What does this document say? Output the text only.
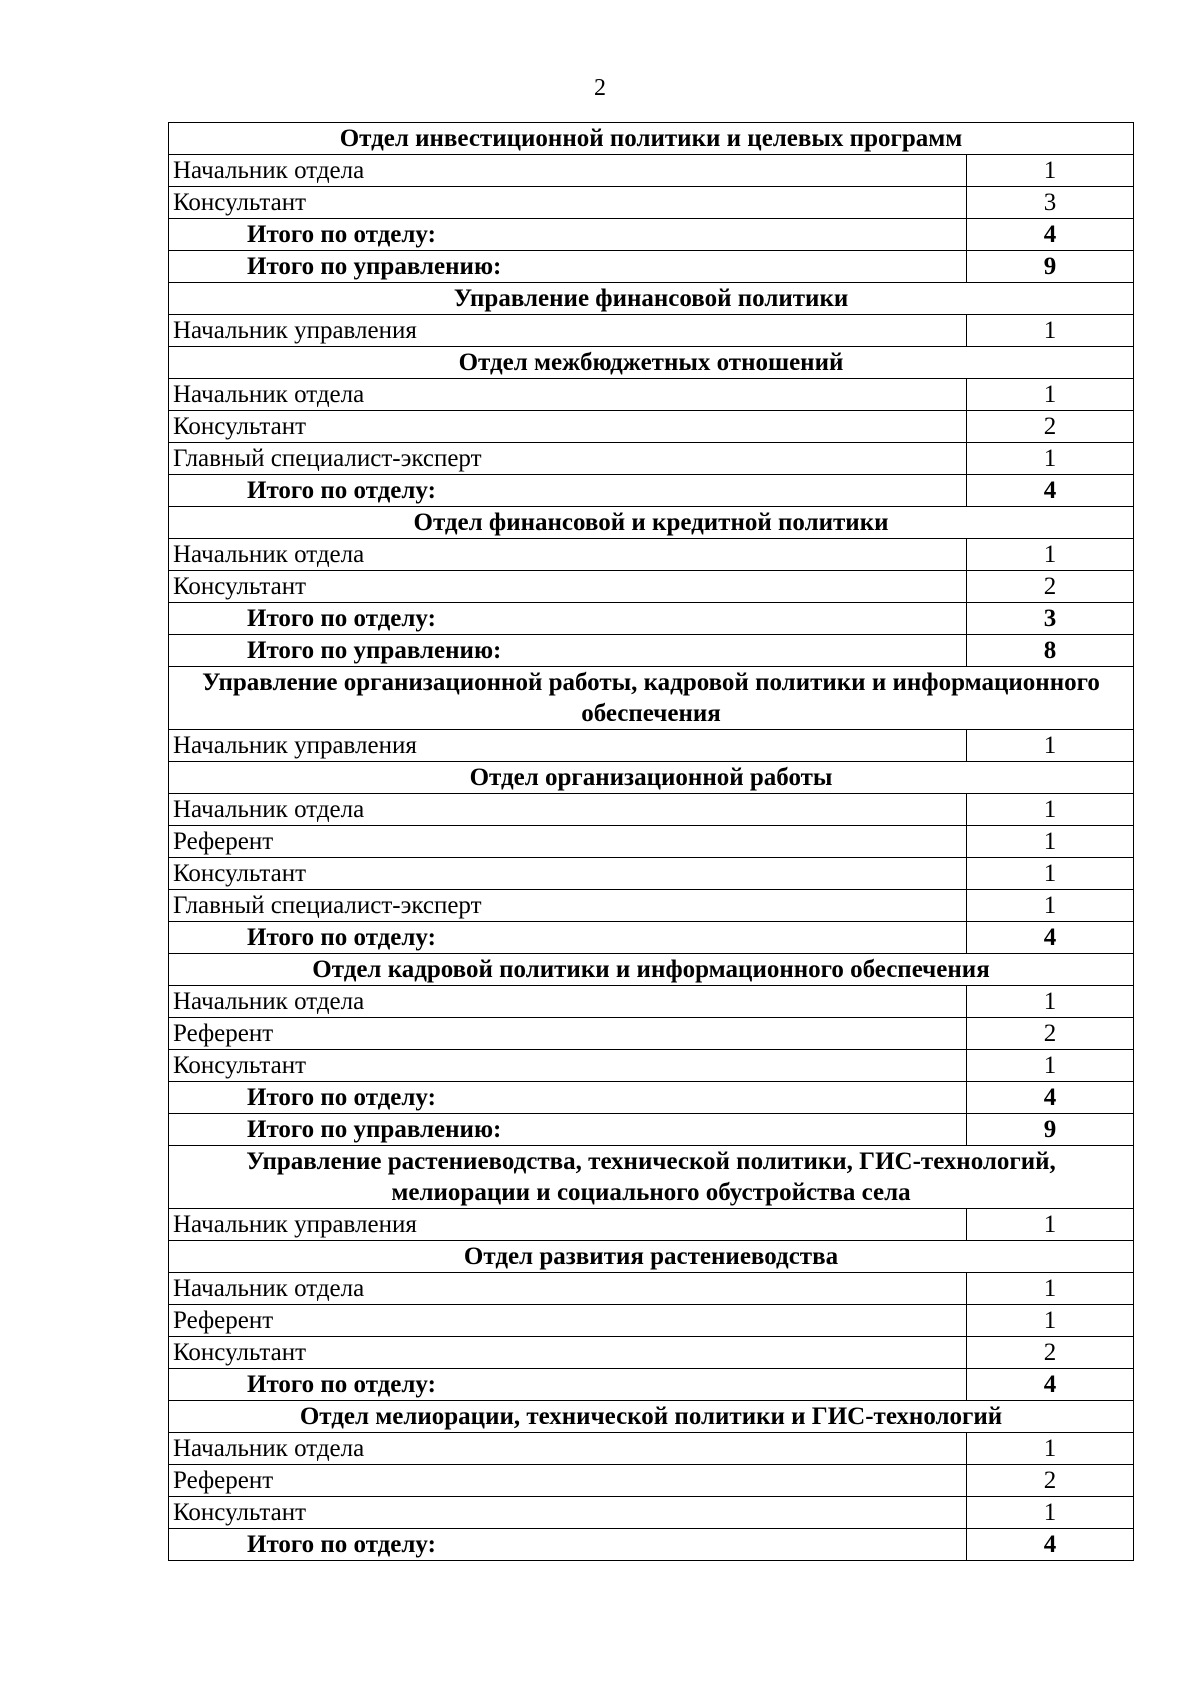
2
Отдел инвестиционной политики и целевых программ	
Начальник отдела	1
Консультант	3
Итого по отделу:	4
Итого по управлению:	9
Управление финансовой политики	
Начальник управления	1
Отдел межбюджетных отношений	
Начальник отдела	1
Консультант	2
Главный специалист-эксперт	1
Итого по отделу:	4
Отдел финансовой и кредитной политики	
Начальник отдела	1
Консультант	2
Итого по отделу:	3
Итого по управлению:	8
Управление организационной работы, кадровой политики и информационного обеспечения	
Начальник управления	1
Отдел организационной работы	
Начальник отдела	1
Референт	1
Консультант	1
Главный специалист-эксперт	1
Итого по отделу:	4
Отдел кадровой политики и информационного обеспечения	
Начальник отдела	1
Референт	2
Консультант	1
Итого по отделу:	4
Итого по управлению:	9
Управление растениеводства, технической политики, ГИС-технологий, мелиорации и социального обустройства села	
Начальник управления	1
Отдел развития растениеводства	
Начальник отдела	1
Референт	1
Консультант	2
Итого по отделу:	4
Отдел мелиорации, технической политики и ГИС-технологий	
Начальник отдела	1
Референт	2
Консультант	1
Итого по отделу:	4
